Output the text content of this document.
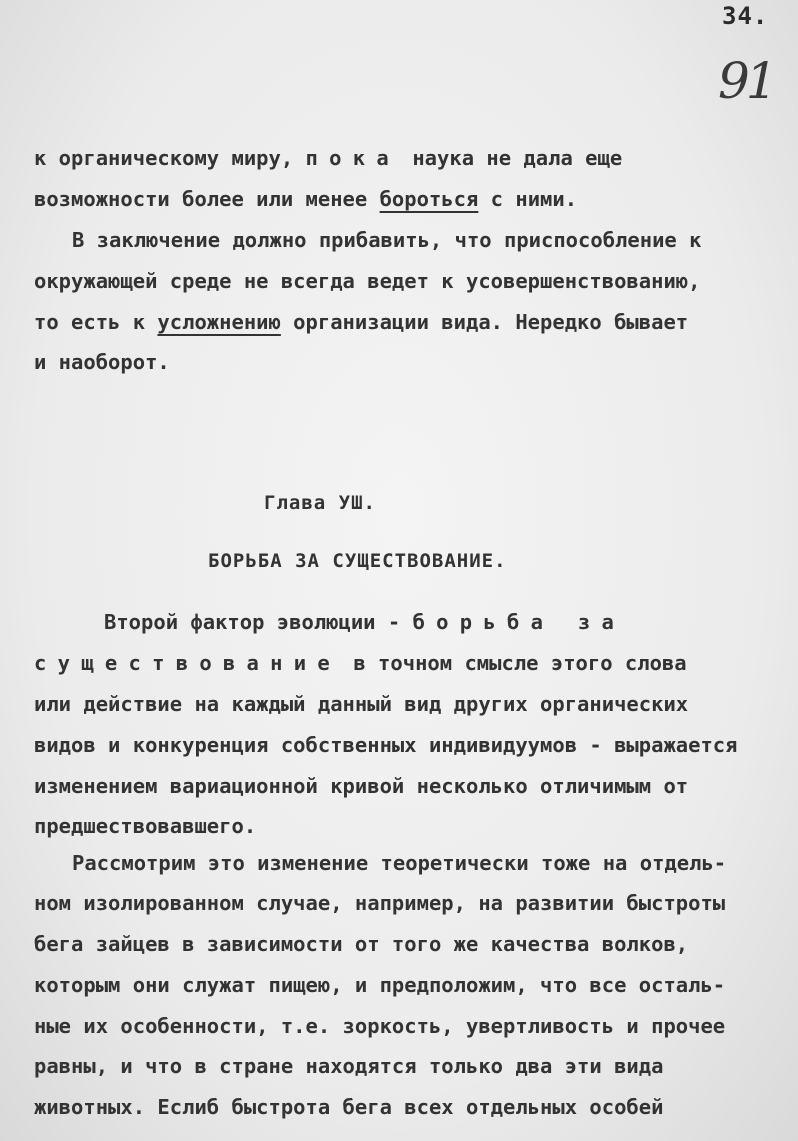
34.
91
к органическому миру, пока наука не дала еще
возможности более или менее бороться с ними.
В заключение должно прибавить, что приспособление к
окружающей среде не всегда ведет к усовершенствованию,
то есть к усложнению организации вида. Нередко бывает
и наоборот.
Глава УШ.
БОРЬБА ЗА СУЩЕСТВОВАНИЕ.
Второй фактор эволюции - борьба за
существование в точном смысле этого слова
или действие на каждый данный вид других органических
видов и конкуренция собственных индивидуумов - выражается
изменением вариационной кривой несколько отличимым от
предшествовавшего.
Рассмотрим это изменение теоретически тоже на отдель-
ном изолированном случае, например, на развитии быстроты
бега зайцев в зависимости от того же качества волков,
которым они служат пищею, и предположим, что все осталь-
ные их особенности, т.е. зоркость, увертливость и прочее
равны, и что в стране находятся только два эти вида
животных. Еслиб быстрота бега всех отдельных особей
